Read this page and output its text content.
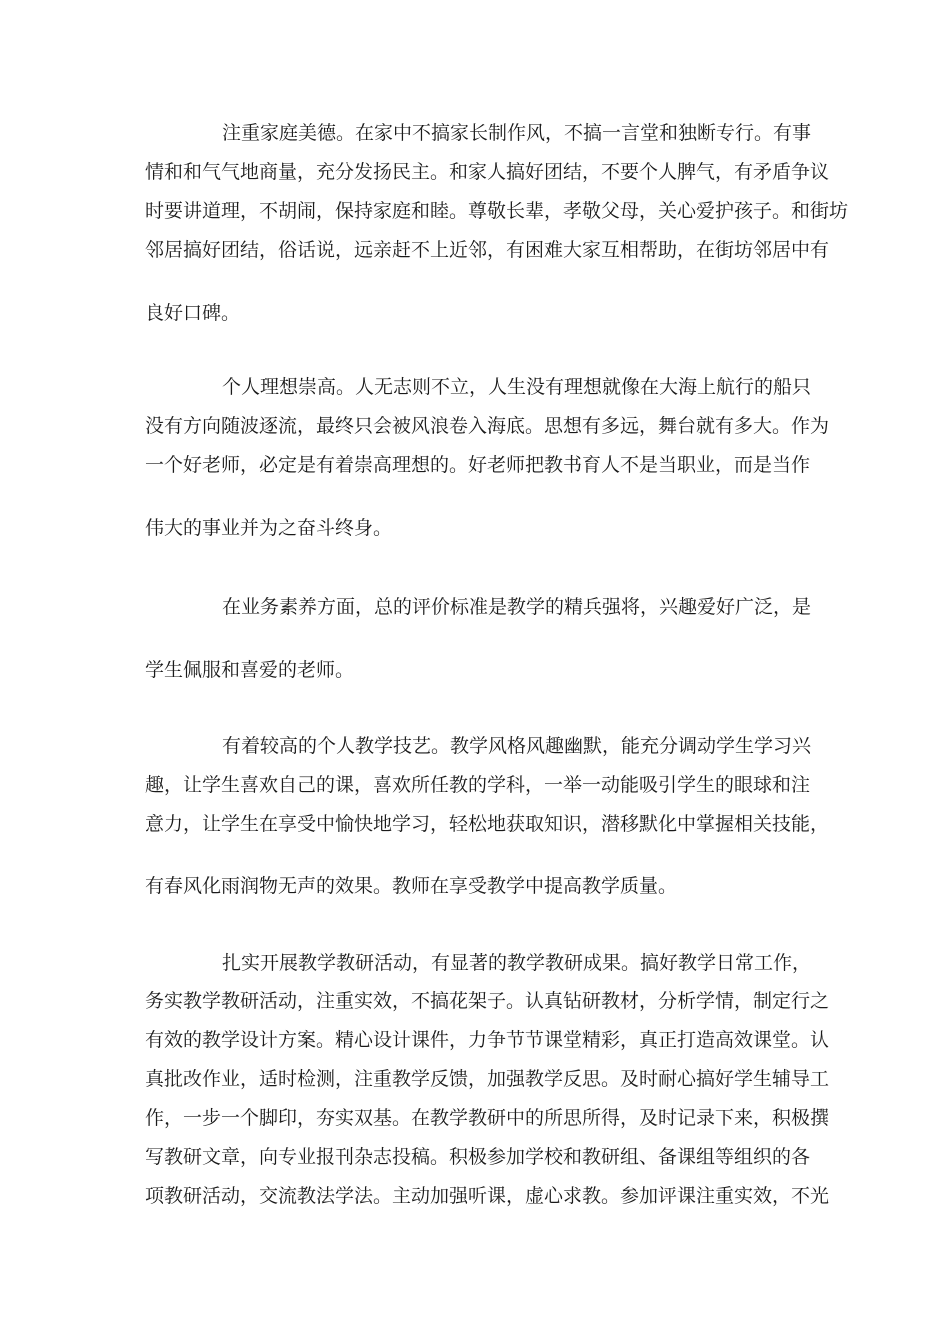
注重家庭美德。在家中不搞家长制作风，不搞一言堂和独断专行。有事
情和和气气地商量，充分发扬民主。和家人搞好团结，不要个人脾气，有矛盾争议
时要讲道理，不胡闹，保持家庭和睦。尊敬长辈，孝敬父母，关心爱护孩子。和街坊
邻居搞好团结，俗话说，远亲赶不上近邻，有困难大家互相帮助，在街坊邻居中有
良好口碑。
个人理想崇高。人无志则不立，人生没有理想就像在大海上航行的船只
没有方向随波逐流，最终只会被风浪卷入海底。思想有多远，舞台就有多大。作为
一个好老师，必定是有着崇高理想的。好老师把教书育人不是当职业，而是当作
伟大的事业并为之奋斗终身。
在业务素养方面，总的评价标准是教学的精兵强将，兴趣爱好广泛，是
学生佩服和喜爱的老师。
有着较高的个人教学技艺。教学风格风趣幽默，能充分调动学生学习兴
趣，让学生喜欢自己的课，喜欢所任教的学科，一举一动能吸引学生的眼球和注
意力，让学生在享受中愉快地学习，轻松地获取知识，潜移默化中掌握相关技能，
有春风化雨润物无声的效果。教师在享受教学中提高教学质量。
扎实开展教学教研活动，有显著的教学教研成果。搞好教学日常工作，
务实教学教研活动，注重实效，不搞花架子。认真钻研教材，分析学情，制定行之
有效的教学设计方案。精心设计课件，力争节节课堂精彩，真正打造高效课堂。认
真批改作业，适时检测，注重教学反馈，加强教学反思。及时耐心搞好学生辅导工
作，一步一个脚印，夯实双基。在教学教研中的所思所得，及时记录下来，积极撰
写教研文章，向专业报刊杂志投稿。积极参加学校和教研组、备课组等组织的各
项教研活动，交流教法学法。主动加强听课，虚心求教。参加评课注重实效，不光
